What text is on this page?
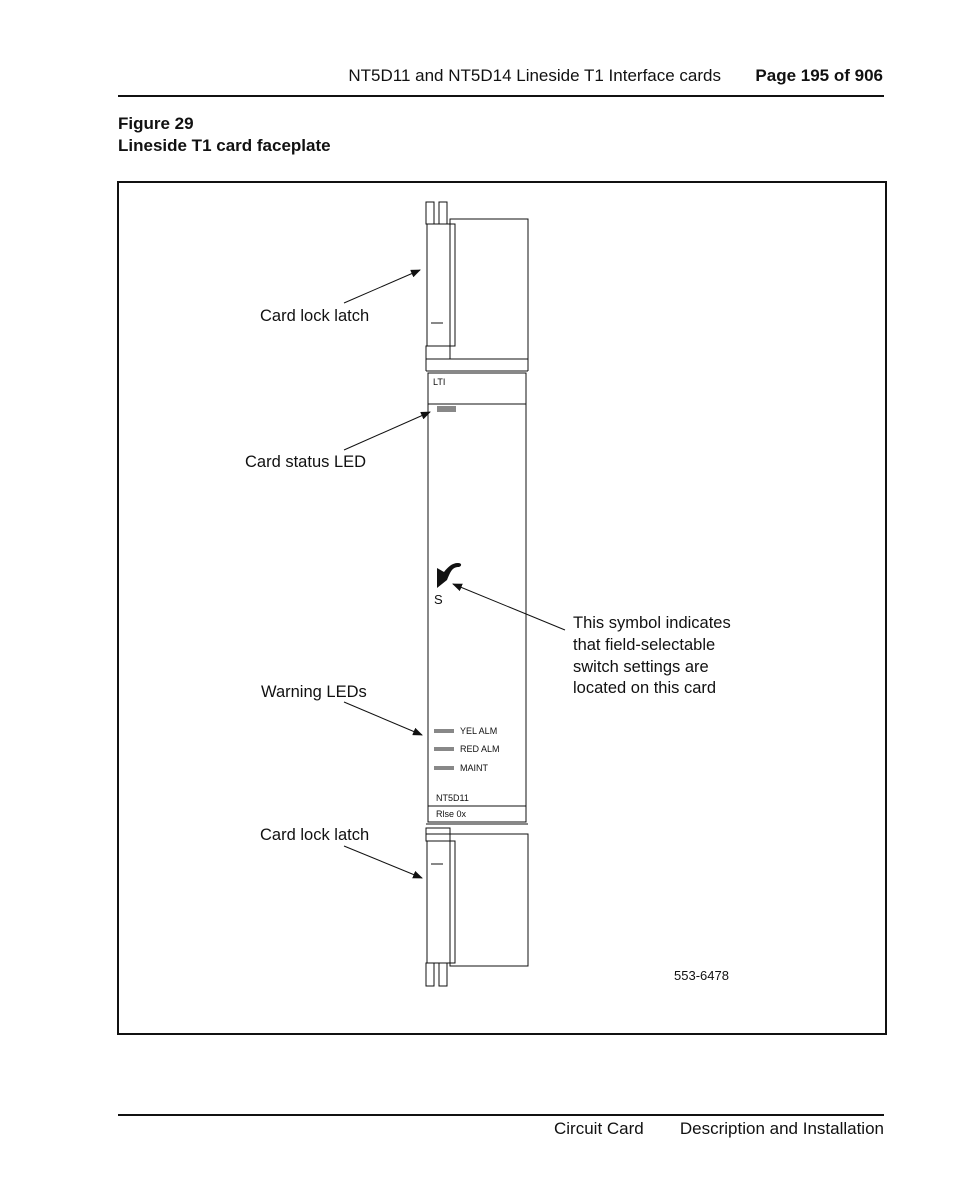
NT5D11 and NT5D14 Lineside T1 Interface cards Page 195 of 906
Figure 29
Lineside T1 card faceplate
LTI
S
YEL ALM
RED ALM
MAINT
NT5D11
Rlse 0x
Card lock latch
Card status LED
This symbol indicates
that field-selectable
switch settings are
located on this card
Warning LEDs
Card lock latch
553-6478
Circuit Card Description and Installation
